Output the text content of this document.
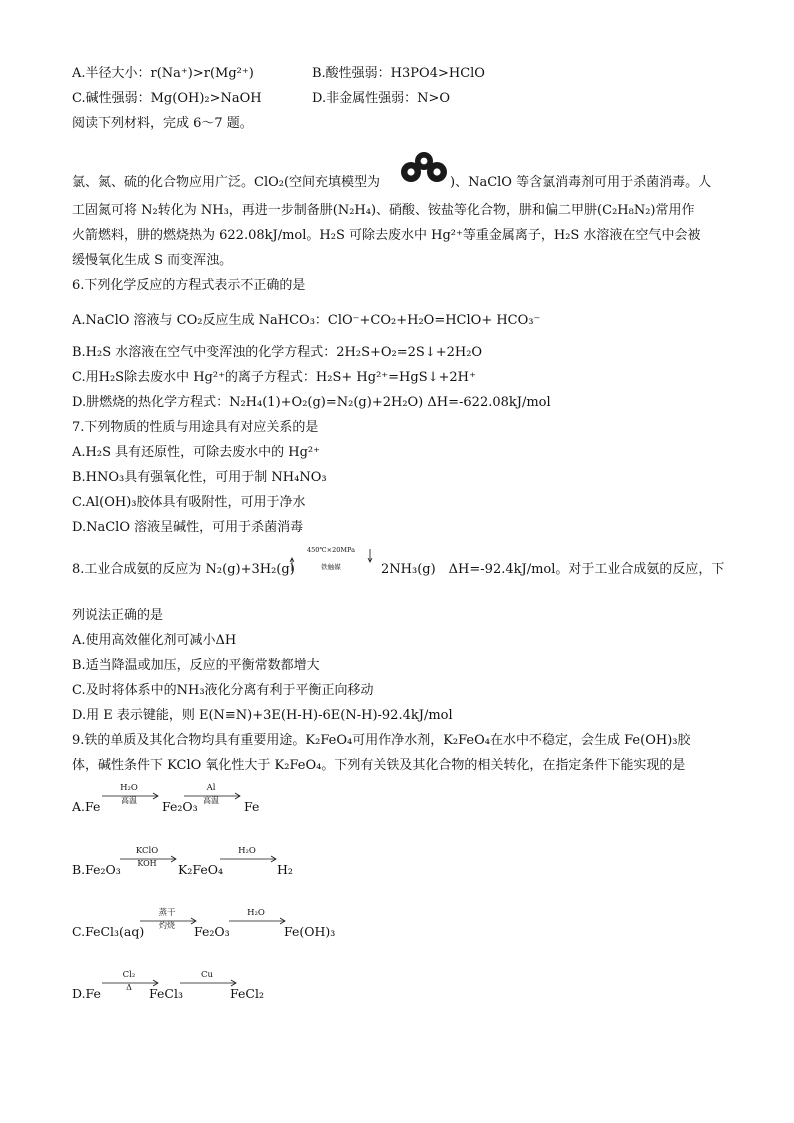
A.半径大小：r(Na⁺)>r(Mg²⁺)	B.酸性强弱：H3PO4>HClO
C.碱性强弱：Mg(OH)₂>NaOH	D.非金属性强弱：N>O
阅读下列材料，完成 6～7 题。
氯、氮、硫的化合物应用广泛。ClO₂(空间充填模型为	)、NaClO 等含氯消毒剂可用于杀菌消毒。人
工固氮可将 N₂转化为 NH₃，再进一步制备肼(N₂H₄)、硝酸、铵盐等化合物，肼和偏二甲肼(C₂H₈N₂)常用作
火箭燃料，肼的燃烧热为 622.08kJ/mol。H₂S 可除去废水中 Hg²⁺等重金属离子，H₂S 水溶液在空气中会被
缓慢氧化生成 S 而变浑浊。
6.下列化学反应的方程式表示不正确的是
A.NaClO 溶液与 CO₂反应生成 NaHCO₃：ClO⁻+CO₂+H₂O=HClO+ HCO₃⁻
B.H₂S 水溶液在空气中变浑浊的化学方程式：2H₂S+O₂=2S↓+2H₂O
C.用H₂S除去废水中 Hg²⁺的离子方程式：H₂S+ Hg²⁺=HgS↓+2H⁺
D.肼燃烧的热化学方程式：N₂H₄(1)+O₂(g)=N₂(g)+2H₂O) ΔH=-622.08kJ/mol
7.下列物质的性质与用途具有对应关系的是
A.H₂S 具有还原性，可除去废水中的 Hg²⁺
B.HNO₃具有强氧化性，可用于制 NH₄NO₃
C.Al(OH)₃胶体具有吸附性，可用于净水
D.NaClO 溶液呈碱性，可用于杀菌消毒
8.工业合成氨的反应为 N₂(g)+3H₂(g)
450℃×20MPa
铁触媒	2NH₃(g)　ΔH=-92.4kJ/mol。对于工业合成氨的反应，下
列说法正确的是
A.使用高效催化剂可减小ΔH
B.适当降温或加压，反应的平衡常数都增大
C.及时将体系中的NH₃液化分离有利于平衡正向移动
D.用 E 表示键能，则 E(N≡N)+3E(H-H)-6E(N-H)-92.4kJ/mol
9.铁的单质及其化合物均具有重要用途。K₂FeO₄可用作净水剂，K₂FeO₄在水中不稳定，会生成 Fe(OH)₃胶
体，碱性条件下 KClO 氧化性大于 K₂FeO₄。下列有关铁及其化合物的相关转化，在指定条件下能实现的是
A.Fe
H₂O
高温	Fe₂O₃
Al
高温	Fe
B.Fe₂O₃
KClO
KOH	K₂FeO₄
H₂O
H₂
C.FeCl₃(aq)
蒸干
灼烧	Fe₂O₃
H₂O
Fe(OH)₃
D.Fe
Cl₂
Δ	FeCl₃
Cu
FeCl₂
